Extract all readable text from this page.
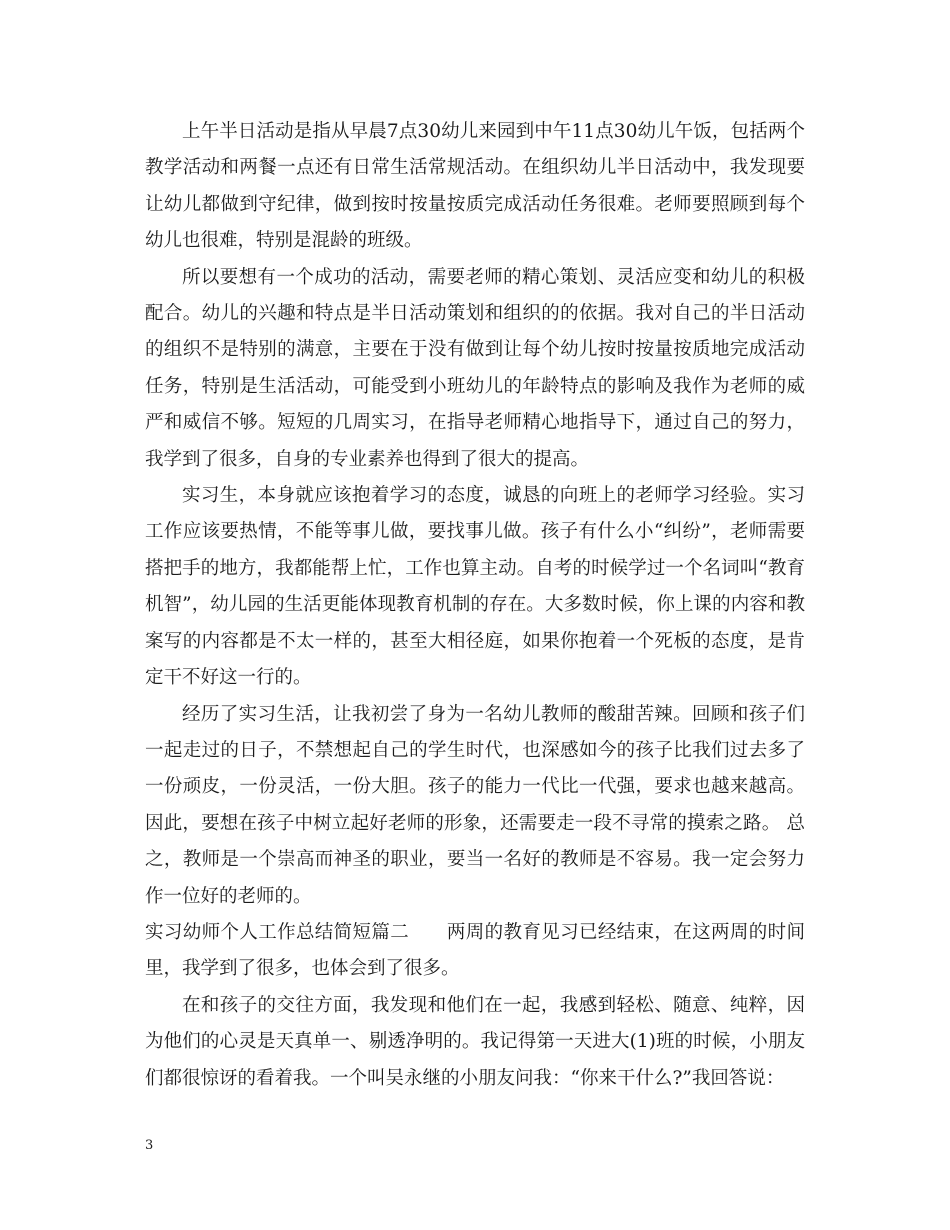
上午半日活动是指从早晨7点30幼儿来园到中午11点30幼儿午饭，包括两个教学活动和两餐一点还有日常生活常规活动。在组织幼儿半日活动中，我发现要让幼儿都做到守纪律，做到按时按量按质完成活动任务很难。老师要照顾到每个幼儿也很难，特别是混龄的班级。

所以要想有一个成功的活动，需要老师的精心策划、灵活应变和幼儿的积极配合。幼儿的兴趣和特点是半日活动策划和组织的的依据。我对自己的半日活动的组织不是特别的满意，主要在于没有做到让每个幼儿按时按量按质地完成活动任务，特别是生活活动，可能受到小班幼儿的年龄特点的影响及我作为老师的威严和威信不够。短短的几周实习，在指导老师精心地指导下，通过自己的努力，我学到了很多，自身的专业素养也得到了很大的提高。

实习生，本身就应该抱着学习的态度，诚恳的向班上的老师学习经验。实习工作应该要热情，不能等事儿做，要找事儿做。孩子有什么小“纠纷”，老师需要搭把手的地方，我都能帮上忙，工作也算主动。自考的时候学过一个名词叫“教育机智”，幼儿园的生活更能体现教育机制的存在。大多数时候，你上课的内容和教案写的内容都是不太一样的，甚至大相径庭，如果你抱着一个死板的态度，是肯定干不好这一行的。

经历了实习生活，让我初尝了身为一名幼儿教师的酸甜苦辣。回顾和孩子们一起走过的日子，不禁想起自己的学生时代，也深感如今的孩子比我们过去多了一份顽皮，一份灵活，一份大胆。孩子的能力一代比一代强，要求也越来越高。因此，要想在孩子中树立起好老师的形象，还需要走一段不寻常的摸索之路。 总之，教师是一个崇高而神圣的职业，要当一名好的教师是不容易。我一定会努力作一位好的老师的。

实习幼师个人工作总结简短篇二　　两周的教育见习已经结束，在这两周的时间里，我学到了很多，也体会到了很多。

在和孩子的交往方面，我发现和他们在一起，我感到轻松、随意、纯粹，因为他们的心灵是天真单一、剔透净明的。我记得第一天进大(1)班的时候，小朋友们都很惊讶的看着我。一个叫吴永继的小朋友问我：“你来干什么?”我回答说：

3
